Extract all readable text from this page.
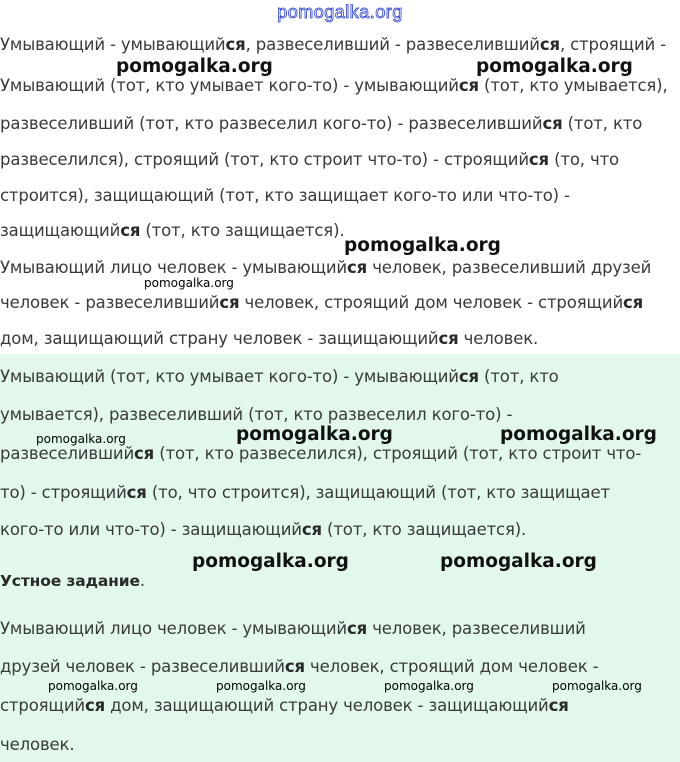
pomogalka.org
Умывающий - умывающийся, развеселивший - развеселившийся, строящий -
Умывающий (тот, кто умывает кого-то) - умывающийся (тот, кто умывается),
развеселивший (тот, кто развеселил кого-то) - развеселившийся (тот, кто
развеселился), строящий (тот, кто строит что-то) - строящийся (то, что
строится), защищающий (тот, кто защищает кого-то или что-то) -
защищающийся (тот, кто защищается).
Умывающий лицо человек - умывающийся человек, развеселивший друзей
человек - развеселившийся человек, строящий дом человек - строящийся
дом, защищающий страну человек - защищающийся человек.
Умывающий (тот, кто умывает кого-то) - умывающийся (тот, кто
умывается), развеселивший (тот, кто развеселил кого-то) -
развеселившийся (тот, кто развеселился), строящий (тот, кто строит что-
то) - строящийся (то, что строится), защищающий (тот, кто защищает
кого-то или что-то) - защищающийся (тот, кто защищается).
Умывающий лицо человек - умывающийся человек, развеселивший
друзей человек - развеселившийся человек, строящий дом человек -
строящийся дом, защищающий страну человек - защищающийся
человек.
Устное задание.
pomogalka.org	pomogalka.org
pomogalka.org
pomogalka.org
pomogalka.org	pomogalka.org	pomogalka.org
pomogalka.org	pomogalka.org
pomogalka.org	pomogalka.org	pomogalka.org	pomogalka.org
